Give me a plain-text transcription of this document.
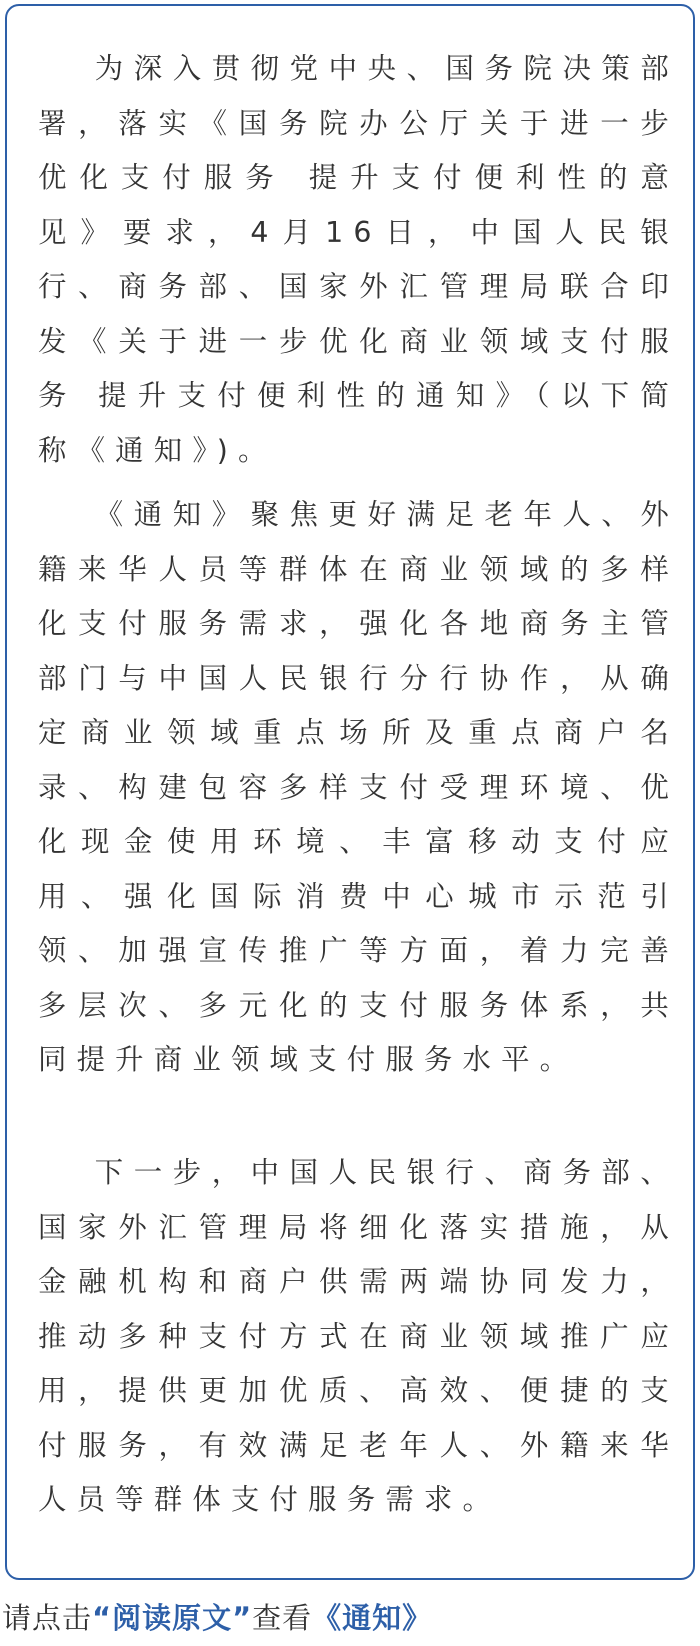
为深入贯彻党中央、国务院决策部署，落实《国务院办公厅关于进一步优化支付服务 提升支付便利性的意见》要求，4月16日，中国人民银行、商务部、国家外汇管理局联合印发《关于进一步优化商业领域支付服务 提升支付便利性的通知》（以下简称《通知》)。

《通知》聚焦更好满足老年人、外籍来华人员等群体在商业领域的多样化支付服务需求，强化各地商务主管部门与中国人民银行分行协作，从确定商业领域重点场所及重点商户名录、构建包容多样支付受理环境、优化现金使用环境、丰富移动支付应用、强化国际消费中心城市示范引领、加强宣传推广等方面，着力完善多层次、多元化的支付服务体系，共同提升商业领域支付服务水平。

下一步，中国人民银行、商务部、国家外汇管理局将细化落实措施，从金融机构和商户供需两端协同发力，推动多种支付方式在商业领域推广应用，提供更加优质、高效、便捷的支付服务，有效满足老年人、外籍来华人员等群体支付服务需求。

请点击“阅读原文”查看《通知》
